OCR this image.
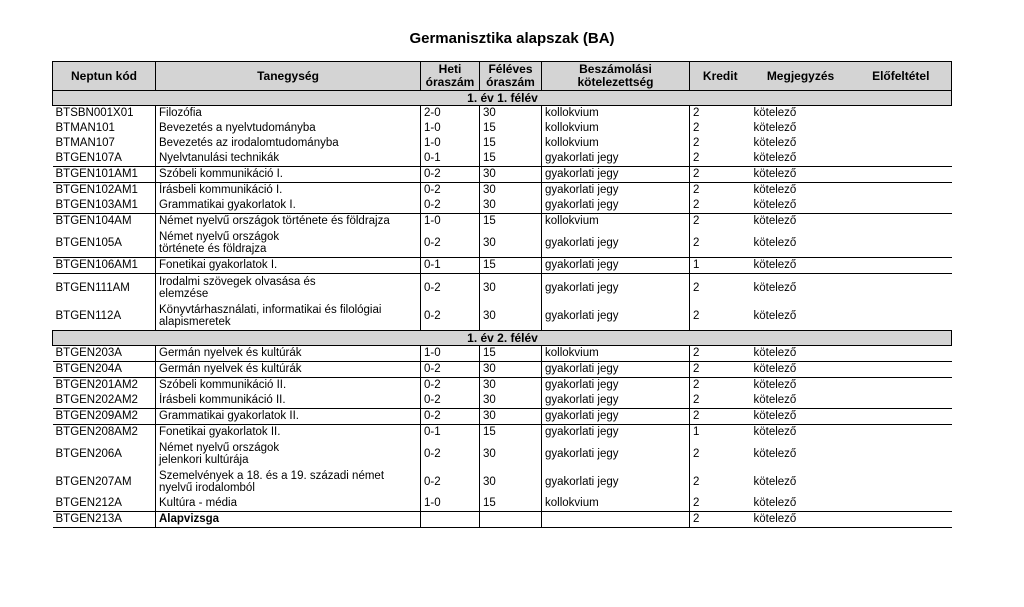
Germanisztika alapszak (BA)
Neptun kód	Tanegység	Heti óraszám	Féléves óraszám	Beszámolási kötelezettség	Kredit	Megjegyzés	Előfeltétel
1. év 1. félév							
BTSBN001X01	Filozófia	2-0	30	kollokvium	2	kötelező	
BTMAN101	Bevezetés a nyelvtudományba	1-0	15	kollokvium	2	kötelező	
BTMAN107	Bevezetés az irodalomtudományba	1-0	15	kollokvium	2	kötelező	
BTGEN107A	Nyelvtanulási technikák	0-1	15	gyakorlati jegy	2	kötelező	
BTGEN101AM1	Szóbeli kommunikáció I.	0-2	30	gyakorlati jegy	2	kötelező	
BTGEN102AM1	Írásbeli kommunikáció I.	0-2	30	gyakorlati jegy	2	kötelező	
BTGEN103AM1	Grammatikai gyakorlatok I.	0-2	30	gyakorlati jegy	2	kötelező	
BTGEN104AM	Német nyelvű országok története és földrajza	1-0	15	kollokvium	2	kötelező	
BTGEN105A	Német nyelvű országok története és földrajza	0-2	30	gyakorlati jegy	2	kötelező	
BTGEN106AM1	Fonetikai gyakorlatok I.	0-1	15	gyakorlati jegy	1	kötelező	
BTGEN111AM	Irodalmi szövegek olvasása és elemzése	0-2	30	gyakorlati jegy	2	kötelező	
BTGEN112A	Könyvtárhasználati, informatikai és filológiai alapismeretek	0-2	30	gyakorlati jegy	2	kötelező	
1. év 2. félév							
BTGEN203A	Germán nyelvek és kultúrák	1-0	15	kollokvium	2	kötelező	
BTGEN204A	Germán nyelvek és kultúrák	0-2	30	gyakorlati jegy	2	kötelező	
BTGEN201AM2	Szóbeli kommunikáció II.	0-2	30	gyakorlati jegy	2	kötelező	
BTGEN202AM2	Írásbeli kommunikáció II.	0-2	30	gyakorlati jegy	2	kötelező	
BTGEN209AM2	Grammatikai gyakorlatok II.	0-2	30	gyakorlati jegy	2	kötelező	
BTGEN208AM2	Fonetikai gyakorlatok II.	0-1	15	gyakorlati jegy	1	kötelező	
BTGEN206A	Német nyelvű országok jelenkori kultúrája	0-2	30	gyakorlati jegy	2	kötelező	
BTGEN207AM	Szemelvények a 18. és a 19. századi német nyelvű irodalomból	0-2	30	gyakorlati jegy	2	kötelező	
BTGEN212A	Kultúra - média	1-0	15	kollokvium	2	kötelező	
BTGEN213A	Alapvizsga				2	kötelező	
